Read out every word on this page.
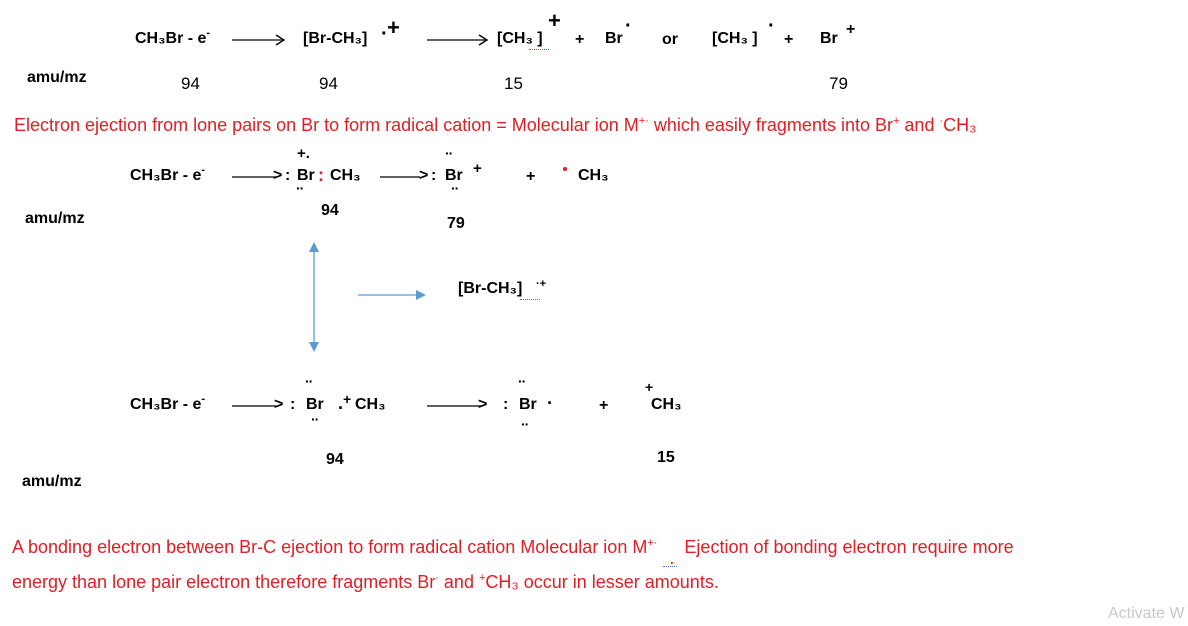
CH₃Br - e-	[Br-CH₃] · +	[CH₃ ]
+
+ Br
·
or [CH₃ ]
·
+ Br
+
amu/mz	94	94	15	79
Electron ejection from lone pairs on Br to form radical cation = Molecular ion M+· which easily fragments into Br+ and ·CH₃
CH₃Br - e-	> :
+.
Br : CH₃
··
> :
··
Br +
··
+	CH₃
94
79
amu/mz
[Br-CH₃] ·+
CH₃Br - e-	> :
··
Br
··
. + CH₃	> :
··
Br ·
··
+
+
CH₃
94	15
amu/mz
A bonding electron between Br-C ejection to form radical cation Molecular ion M+·
.
Ejection of bonding electron require more
energy than lone pair electron therefore fragments Br· and +CH₃ occur in lesser amounts.
Activate W
